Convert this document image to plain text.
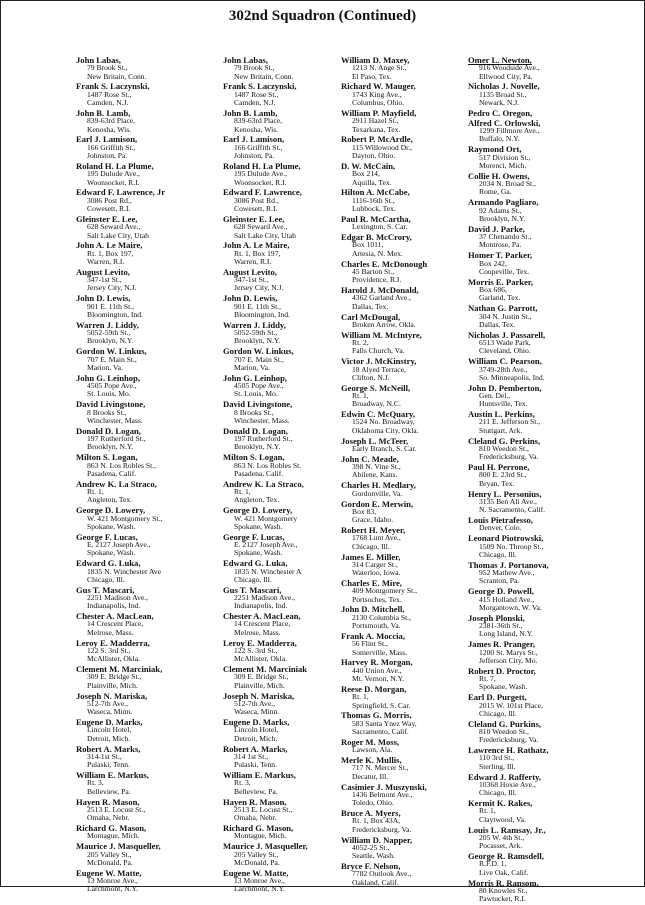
302nd Squadron (Continued)
John Labas,
79 Brook St.,
New Britain, Conn.
Frank S. Laczynski,
1487 Rose St.,
Camden, N.J.
John B. Lamb,
839-63rd Place,
Kenosha, Wis.
Earl J. Lamison,
166 Griffith St.,
Johnston, Pa.
Roland H. La Plume,
195 Dulude Ave.,
Woonsocket, R.I.
Edward F. Lawrence, Jr
3086 Post Rd.,
Cowesett, R.I.
Gleinster E. Lee,
628 Seward Ave.,
Salt Lake City, Utah
John A. Le Maire,
Rt. 1, Box 197,
Warren, R.I.
August Levito,
347-1st St.,
Jersey City, N.J.
John D. Lewis,
901 E. 11th St.,
Bloomington, Ind.
Warren J. Liddy,
5052-59th St.,
Brooklyn, N.Y.
Gordon W. Linkus,
707 E. Main St.,
Marion, Va.
John G. Leinhop,
4505 Pope Ave.,
St. Louis, Mo.
David Livingstone,
8 Brooks St.,
Winchester, Mass.
Donald D. Logan,
197 Rutherford St.,
Brooklyn, N.Y.
Milton S. Logan,
863 N. Los Robles St.,
Pasadena, Calif.
Andrew K. La Straco,
Rt. 1,
Angleton, Tex.
George D. Lowery,
W. 421 Montgomery St.,
Spokane, Wash.
George F. Lucas,
E. 2127 Joseph Ave.,
Spokane, Wash.
Edward G. Luka,
1835 N. Winchester Ave
Chicago, Ill.
Gus T. Mascari,
2251 Madison Ave.,
Indianapolis, Ind.
Chester A. MacLean,
14 Crescent Place,
Melrose, Mass.
Leroy E. Madderra,
122 S. 3rd St.,
McAllister, Okla.
Clement M. Marciniak,
309 E. Bridge St.,
Plainville, Mich.
Joseph N. Mariska,
512-7th Ave.,
Waseca, Minn.
Eugene D. Marks,
Lincoln Hotel,
Detroit, Mich.
Robert A. Marks,
314-1st St.,
Pulaski, Tenn.
William E. Markus,
Rt. 3,
Belleview, Pa.
Hayen R. Mason,
2513 E. Locust St.,
Omaha, Nebr.
Richard G. Mason,
Montague, Mich.
Maurice J. Masqueller,
205 Valley St.,
McDonald, Pa.
Eugene W. Matte,
13 Monroe Ave.,
Larchmont, N.Y.
John Labas,
79 Brook St.,
New Britain, Conn.
Frank S. Laczynski,
1487 Rose St.,
Camden, N.J.
John B. Lamb,
839-63rd Place,
Kenosha, Wis.
Earl J. Lamison,
166 Griffith St.,
Johnston, Pa.
Roland H. La Plume,
195 Dulude Ave.,
Woonsocket, R.I.
Edward F. Lawrence,
3086 Post Rd.,
Cowesett, R.I.
Gleinster E. Lee,
628 Seward Ave.,
Salt Lake City, Utah
John A. Le Maire,
Rt. 1, Box 197,
Warren, R.I.
August Levito,
347-1st St.,
Jersey City, N.J.
John D. Lewis,
901 E. 11th St.,
Bloomington, Ind.
Warren J. Liddy,
5052-59th St.,
Brooklyn, N.Y.
Gordon W. Linkus,
707 E. Main St.,
Marion, Va.
John G. Leinhop,
4505 Pope Ave.,
St. Louis, Mo.
David Livingstone,
8 Brooks St.,
Winchester, Mass.
Donald D. Logan,
197 Rutherford St.,
Brooklyn, N.Y.
Milton S. Logan,
863 N. Los Robles St.
Pasadena, Calif.
Andrew K. La Straco,
Rt. 1,
Angleton, Tex.
George D. Lowery,
W. 421 Montgomery
Spokane, Wash.
George F. Lucas,
E. 2127 Joseph Ave.,
Spokane, Wash.
Edward G. Luka,
1835 N. Winchester A
Chicago, Ill.
Gus T. Mascari,
2251 Madison Ave.,
Indianapolis, Ind.
Chester A. MacLean,
14 Crescent Place,
Melrose, Mass.
Leroy E. Madderra,
122 S. 3rd St.,
McAllister, Okla.
Clement M. Marciniak
309 E. Bridge St.,
Plainville, Mich.
Joseph N. Mariska,
512-7th Ave.,
Waseca, Minn.
Eugene D. Marks,
Lincoln Hotel,
Detroit, Mich.
Robert A. Marks,
314 1st St.,
Pulaski, Tenn.
William E. Markus,
Rt. 3,
Belleview, Pa.
Hayen R. Mason,
2513 E. Locust St.,
Omaha, Nebr.
Richard G. Mason,
Montague, Mich.
Maurice J. Masqueller,
205 Valley St.,
McDonald, Pa.
Eugene W. Matte,
13 Monroe Ave.,
Larchmont, N.Y.
William D. Maxey,
1213 N. Ange St.,
El Paso, Tex.
Richard W. Mauger,
1743 King Ave.,
Columbus, Ohio.
William P. Mayfield,
2911 Hazel St.,
Texarkana, Tex.
Robert P. McArdle,
115 Willowood Dr.,
Dayton, Ohio.
D. W. McCain,
Box 214,
Aquilla, Tex.
Hilton A. McCabe,
1116-16th St.,
Lubbock, Tex.
Paul R. McCartha,
Lexington, S. Car.
Edgar B. McCrory,
Box 1011,
Artesia, N. Mex.
Charles E. McDonough
45 Barton St.,
Providence, R.I.
Harold J. McDonald,
4362 Garland Ave.,
Dallas, Tex.
Carl McDougal,
Broken Arrow, Okla.
William M. McIntyre,
Rt. 2,
Falls Church, Va.
Victor J. McKinstry,
18 Alyed Terrace,
Clifton, N.J.
George S. McNeill,
Rt. 1,
Broadway, N.C.
Edwin C. McQuary,
1524 No. Broadway,
Oklahoma City, Okla.
Joseph L. McTeer,
Early Branch, S. Car.
John C. Meade,
398 N. Vine St.,
Abilene, Kans.
Charles H. Medlary,
Gordonville, Va.
Gordon E. Merwin,
Box 83,
Grace, Idaho.
Robert H. Meyer,
1768 Lunt Ave.,
Chicago, Ill.
James E. Miller,
314 Carger St.,
Waterloo, Iowa.
Charles E. Mire,
409 Montgomery St.,
Portsoches, Tex.
John D. Mitchell,
2130 Columbia St.,
Portsmouth, Va.
Frank A. Moccia,
56 Flint St.,
Somerville, Mass.
Harvey R. Morgan,
440 Union Ave.,
Mt. Vernon, N.Y.
Reese D. Morgan,
Rt. 1,
Springfield, S. Car.
Thomas G. Morris,
583 Santa Ynez Way,
Sacramento, Calif.
Roger M. Moss,
Lawson, Ala.
Merle K. Mullis,
717 N. Mercer St.,
Decatur, Ill.
Casimier J. Muszynski,
1436 Belmont Ave.,
Toledo, Ohio.
Bruce A. Myers,
Rt. 1, Box 43A,
Fredericksburg, Va.
William D. Napper,
4052-25 St.,
Seattle, Wash.
Bryce F. Nelson,
7782 Outlook Ave.,
Oakland, Calif.
Omer L. Newton,
916 Woodside Ave.,
Ellwood City, Pa.
Nicholas J. Novelle,
1135 Broad St.,
Newark, N.J.
Pedro C. Oregon,
Alfred C. Orlowski,
1299 Fillmore Ave.,
Buffalo, N.Y.
Raymond Ort,
517 Division St.,
Morenci, Mich.
Collie H. Owens,
2034 N. Broad St.,
Rome, Ga.
Armando Pagliaro,
92 Adams St.,
Brooklyn, N.Y.
David J. Parke,
37 Chenando St.,
Montrose, Pa.
Homer T. Parker,
Box 242,
Coupeville, Tex.
Morris E. Parker,
Box 686,
Garland, Tex.
Nathan G. Parrott,
304 N. Justin St.,
Dallas, Tex.
Nicholas J. Passarell,
6513 Wade Park,
Cleveland, Ohio.
William C. Pearson,
3749-28th Ave.,
So. Minneapolis, Ind.
John D. Pemberton,
Gen. Del.,
Huntsville, Tex.
Austin L. Perkins,
211 E. Jefferson St.,
Stuttgart, Ark.
Cleland G. Perkins,
810 Weedon St.,
Fredericksburg, Va.
Paul H. Perrone,
800 E. 23rd St.,
Bryan, Tex.
Henry L. Personius,
3135 Ben Ali Ave.,
N. Sacramento, Calif.
Louis Pietrafesso,
Denver, Colo.
Leonard Piotrowski,
1509 No. Throop St.,
Chicago, Ill.
Thomas J. Portanova,
952 Mathew Ave.,
Scranton, Pa.
George D. Powell,
415 Holland Ave.,
Morgantown, W. Va.
Joseph Plonski,
2381-36th St.,
Long Island, N.Y.
James R. Pranger,
1200 St. Marys St.,
Jefferson City, Mo.
Robert D. Proctor,
Rt. 7,
Spokane, Wash.
Earl D. Purgett,
2015 W. 101st Place,
Chicago, Ill.
Cleland G. Purkins,
810 Weedon St.,
Fredericksburg, Va.
Lawrence H. Rathatz,
110 3rd St.,
Sterling, Ill.
Edward J. Rafferty,
10368 Hoxie Ave.,
Chicago, Ill.
Kermit K. Rakes,
Rt. 1,
Claytwood, Va.
Louis L. Ramsay, Jr.,
205 W. 4th St.,
Pocasset, Ark.
George R. Ramsdell,
R.F.D. 1,
Live Oak, Calif.
Morris R. Ransom,
80 Knowles St.,
Pawtucket, R.I.
